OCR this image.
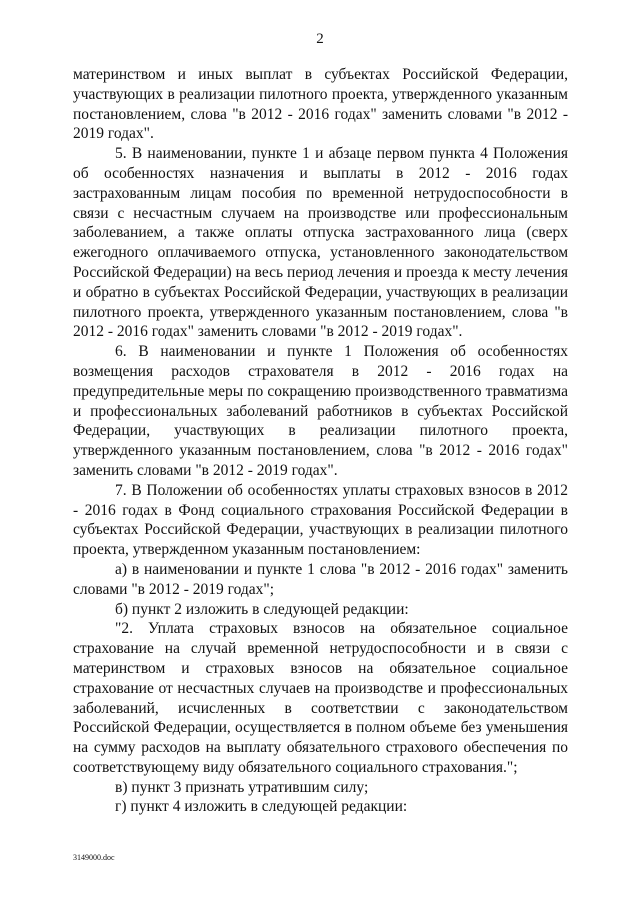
2

материнством и иных выплат в субъектах Российской Федерации, участвующих в реализации пилотного проекта, утвержденного указанным постановлением, слова "в 2012 - 2016 годах" заменить словами "в 2012 - 2019 годах".

5. В наименовании, пункте 1 и абзаце первом пункта 4 Положения об особенностях назначения и выплаты в 2012 - 2016 годах застрахованным лицам пособия по временной нетрудоспособности в связи с несчастным случаем на производстве или профессиональным заболеванием, а также оплаты отпуска застрахованного лица (сверх ежегодного оплачиваемого отпуска, установленного законодательством Российской Федерации) на весь период лечения и проезда к месту лечения и обратно в субъектах Российской Федерации, участвующих в реализации пилотного проекта, утвержденного указанным постановлением, слова "в 2012 - 2016 годах" заменить словами "в 2012 - 2019 годах".

6. В наименовании и пункте 1 Положения об особенностях возмещения расходов страхователя в 2012 - 2016 годах на предупредительные меры по сокращению производственного травматизма и профессиональных заболеваний работников в субъектах Российской Федерации, участвующих в реализации пилотного проекта, утвержденного указанным постановлением, слова "в 2012 - 2016 годах" заменить словами "в 2012 - 2019 годах".

7. В Положении об особенностях уплаты страховых взносов в 2012 - 2016 годах в Фонд социального страхования Российской Федерации в субъектах Российской Федерации, участвующих в реализации пилотного проекта, утвержденном указанным постановлением:

а) в наименовании и пункте 1 слова "в 2012 - 2016 годах" заменить словами "в 2012 - 2019 годах";

б) пункт 2 изложить в следующей редакции:

"2. Уплата страховых взносов на обязательное социальное страхование на случай временной нетрудоспособности и в связи с материнством и страховых взносов на обязательное социальное страхование от несчастных случаев на производстве и профессиональных заболеваний, исчисленных в соответствии с законодательством Российской Федерации, осуществляется в полном объеме без уменьшения на сумму расходов на выплату обязательного страхового обеспечения по соответствующему виду обязательного социального страхования.";

в) пункт 3 признать утратившим силу;

г) пункт 4 изложить в следующей редакции:

3149000.doc
